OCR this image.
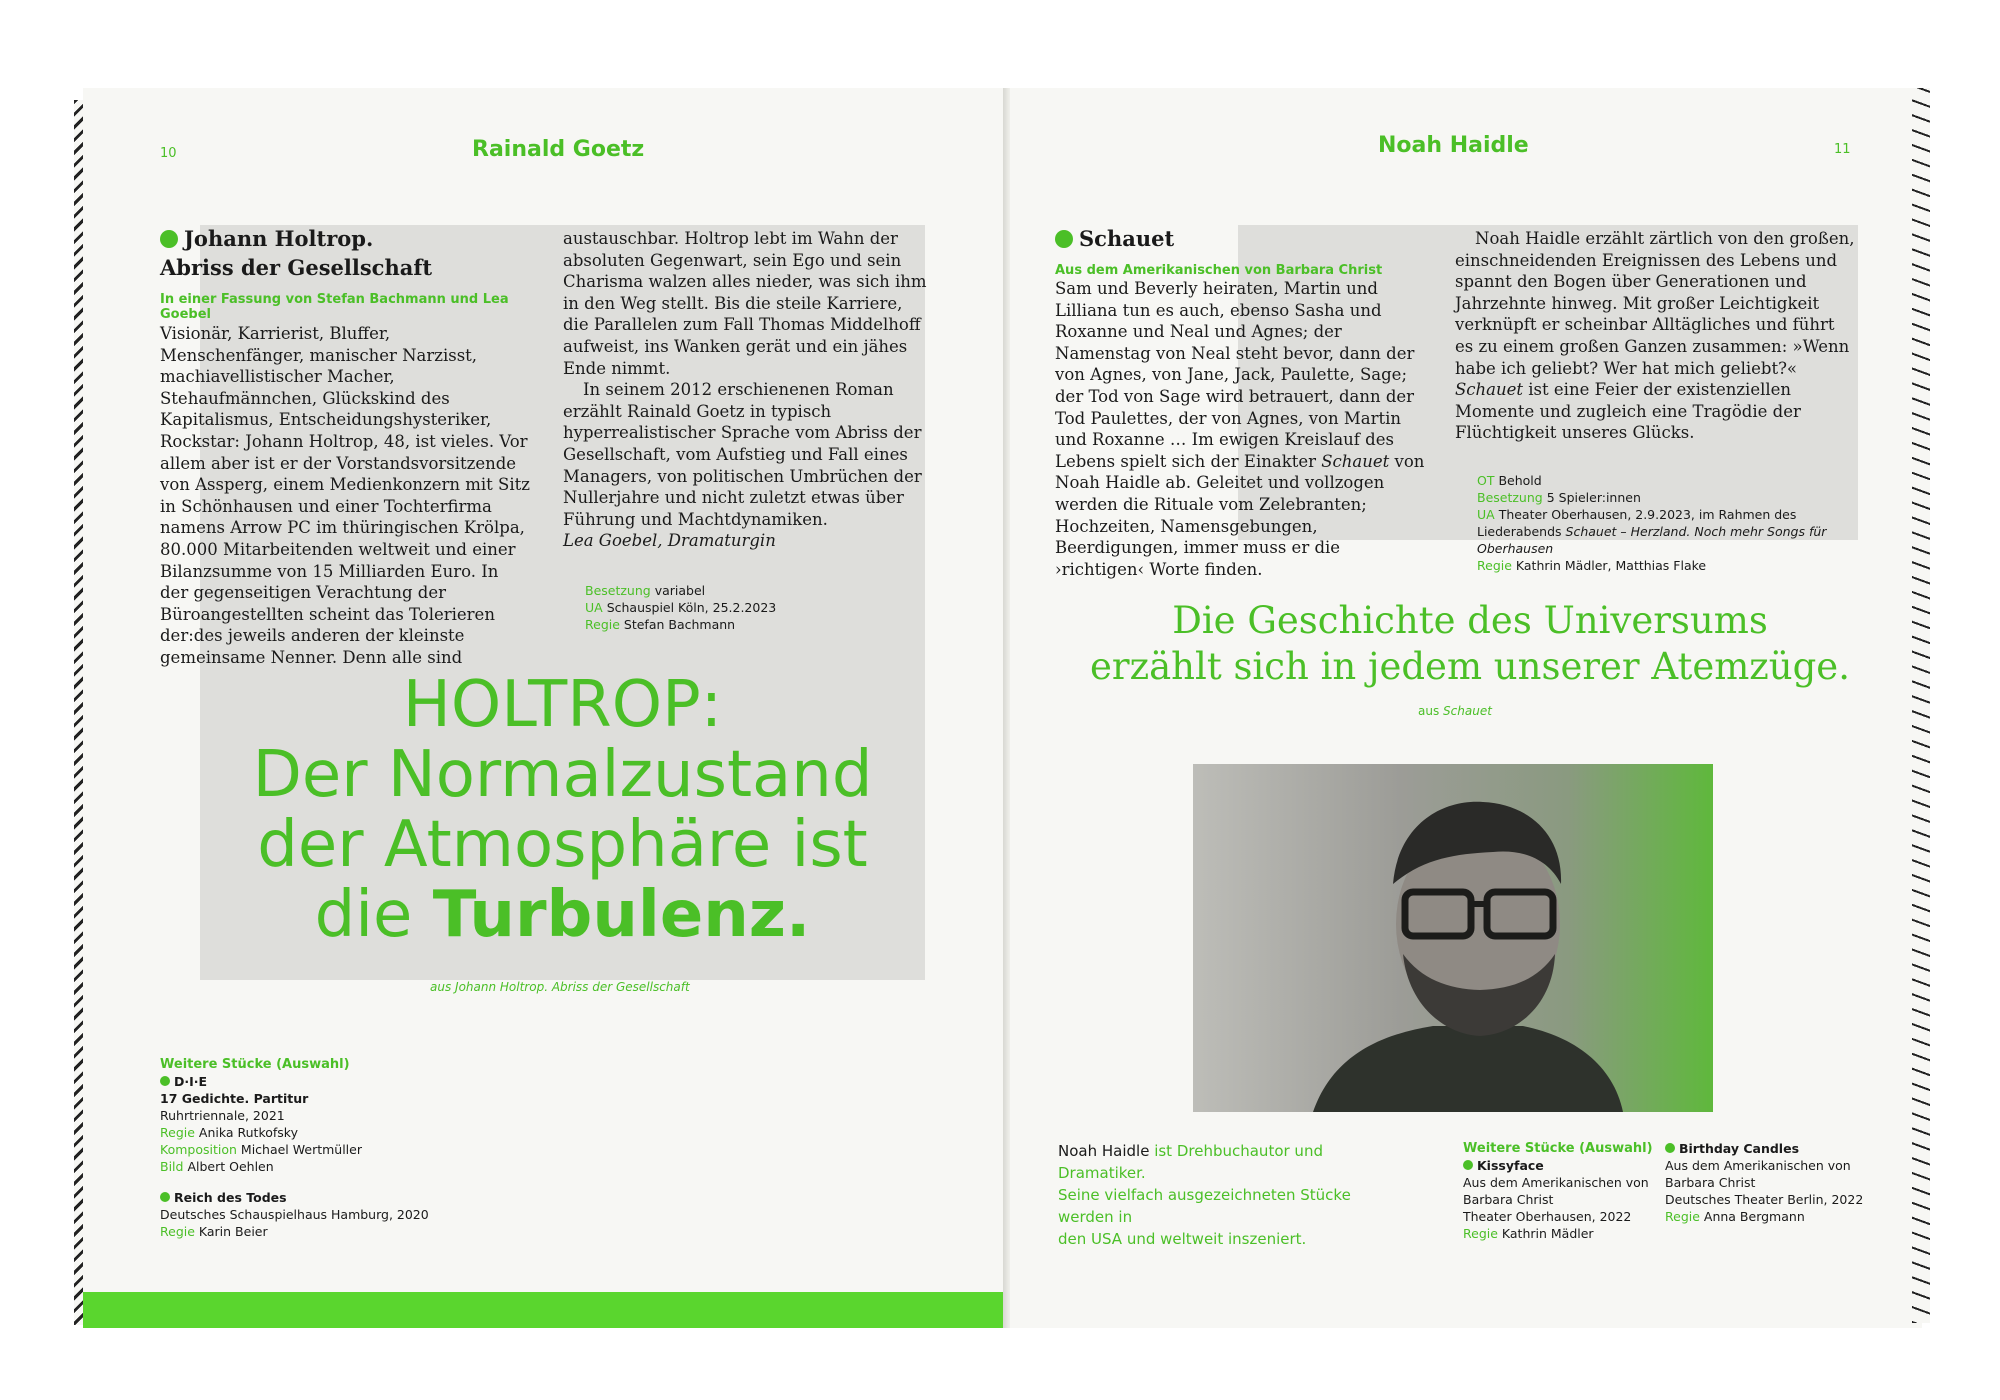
10	Rainald Goetz
Johann Holtrop.
Abriss der Gesellschaft
In einer Fassung von Stefan Bachmann und Lea Goebel

Visionär, Karrierist, Bluffer, Menschenfänger, manischer Narzisst, machiavellistischer Macher, Stehaufmännchen, Glückskind des Kapitalismus, Entscheidungshysteriker, Rockstar: Johann Holtrop, 48, ist vieles. Vor allem aber ist er der Vorstandsvorsitzende von Assperg, einem Medienkonzern mit Sitz in Schönhausen und einer Tochterfirma namens Arrow PC im thüringischen Krölpa, 80.000 Mitarbeitenden weltweit und einer Bilanzsumme von 15 Milliarden Euro. In der gegenseitigen Verachtung der Büroangestellten scheint das Tolerieren der:des jeweils anderen der kleinste gemeinsame Nenner. Denn alle sind

austauschbar. Holtrop lebt im Wahn der absoluten Gegenwart, sein Ego und sein Charisma walzen alles nieder, was sich ihm in den Weg stellt. Bis die steile Karriere, die Parallelen zum Fall Thomas Middelhoff aufweist, ins Wanken gerät und ein jähes Ende nimmt.

In seinem 2012 erschienenen Roman erzählt Rainald Goetz in typisch hyperrealistischer Sprache vom Abriss der Gesellschaft, vom Aufstieg und Fall eines Managers, von politischen Umbrüchen der Nullerjahre und nicht zuletzt etwas über Führung und Machtdynamiken.

Lea Goebel, Dramaturgin

Besetzung variabel
UA Schauspiel Köln, 25.2.2023
Regie Stefan Bachmann
HOLTROP:
Der Normalzustand
der Atmosphäre ist
die Turbulenz.
aus Johann Holtrop. Abriss der Gesellschaft
Weitere Stücke (Auswahl)
D·I·E
17 Gedichte. Partitur
Ruhrtriennale, 2021
Regie Anika Rutkofsky
Komposition Michael Wertmüller
Bild Albert Oehlen
Reich des Todes
Deutsches Schauspielhaus Hamburg, 2020
Regie Karin Beier
Noah Haidle	11
Schauet
Aus dem Amerikanischen von Barbara Christ

Sam und Beverly heiraten, Martin und Lilliana tun es auch, ebenso Sasha und Roxanne und Neal und Agnes; der Namenstag von Neal steht bevor, dann der von Agnes, von Jane, Jack, Paulette, Sage; der Tod von Sage wird betrauert, dann der Tod Paulettes, der von Agnes, von Martin und Roxanne … Im ewigen Kreislauf des Lebens spielt sich der Einakter Schauet von Noah Haidle ab. Geleitet und vollzogen werden die Rituale vom Zelebranten; Hochzeiten, Namensgebungen, Beerdigungen, immer muss er die ›richtigen‹ Worte finden.

Noah Haidle erzählt zärtlich von den großen, einschneidenden Ereignissen des Lebens und spannt den Bogen über Generationen und Jahrzehnte hinweg. Mit großer Leichtigkeit verknüpft er scheinbar Alltägliches und führt es zu einem großen Ganzen zusammen: »Wenn habe ich geliebt? Wer hat mich geliebt?« Schauet ist eine Feier der existenziellen Momente und zugleich eine Tragödie der Flüchtigkeit unseres Glücks.

OT Behold
Besetzung 5 Spieler:innen
UA Theater Oberhausen, 2.9.2023, im Rahmen des Liederabends Schauet – Herzland. Noch mehr Songs für Oberhausen
Regie Kathrin Mädler, Matthias Flake
Die Geschichte des Universums
erzählt sich in jedem unserer Atemzüge.
aus Schauet
Noah Haidle ist Drehbuchautor und Dramatiker.
Seine vielfach ausgezeichneten Stücke werden in
den USA und weltweit inszeniert.
Weitere Stücke (Auswahl)
Kissyface
Aus dem Amerikanischen von
Barbara Christ
Theater Oberhausen, 2022
Regie Kathrin Mädler
Birthday Candles
Aus dem Amerikanischen von
Barbara Christ
Deutsches Theater Berlin, 2022
Regie Anna Bergmann
